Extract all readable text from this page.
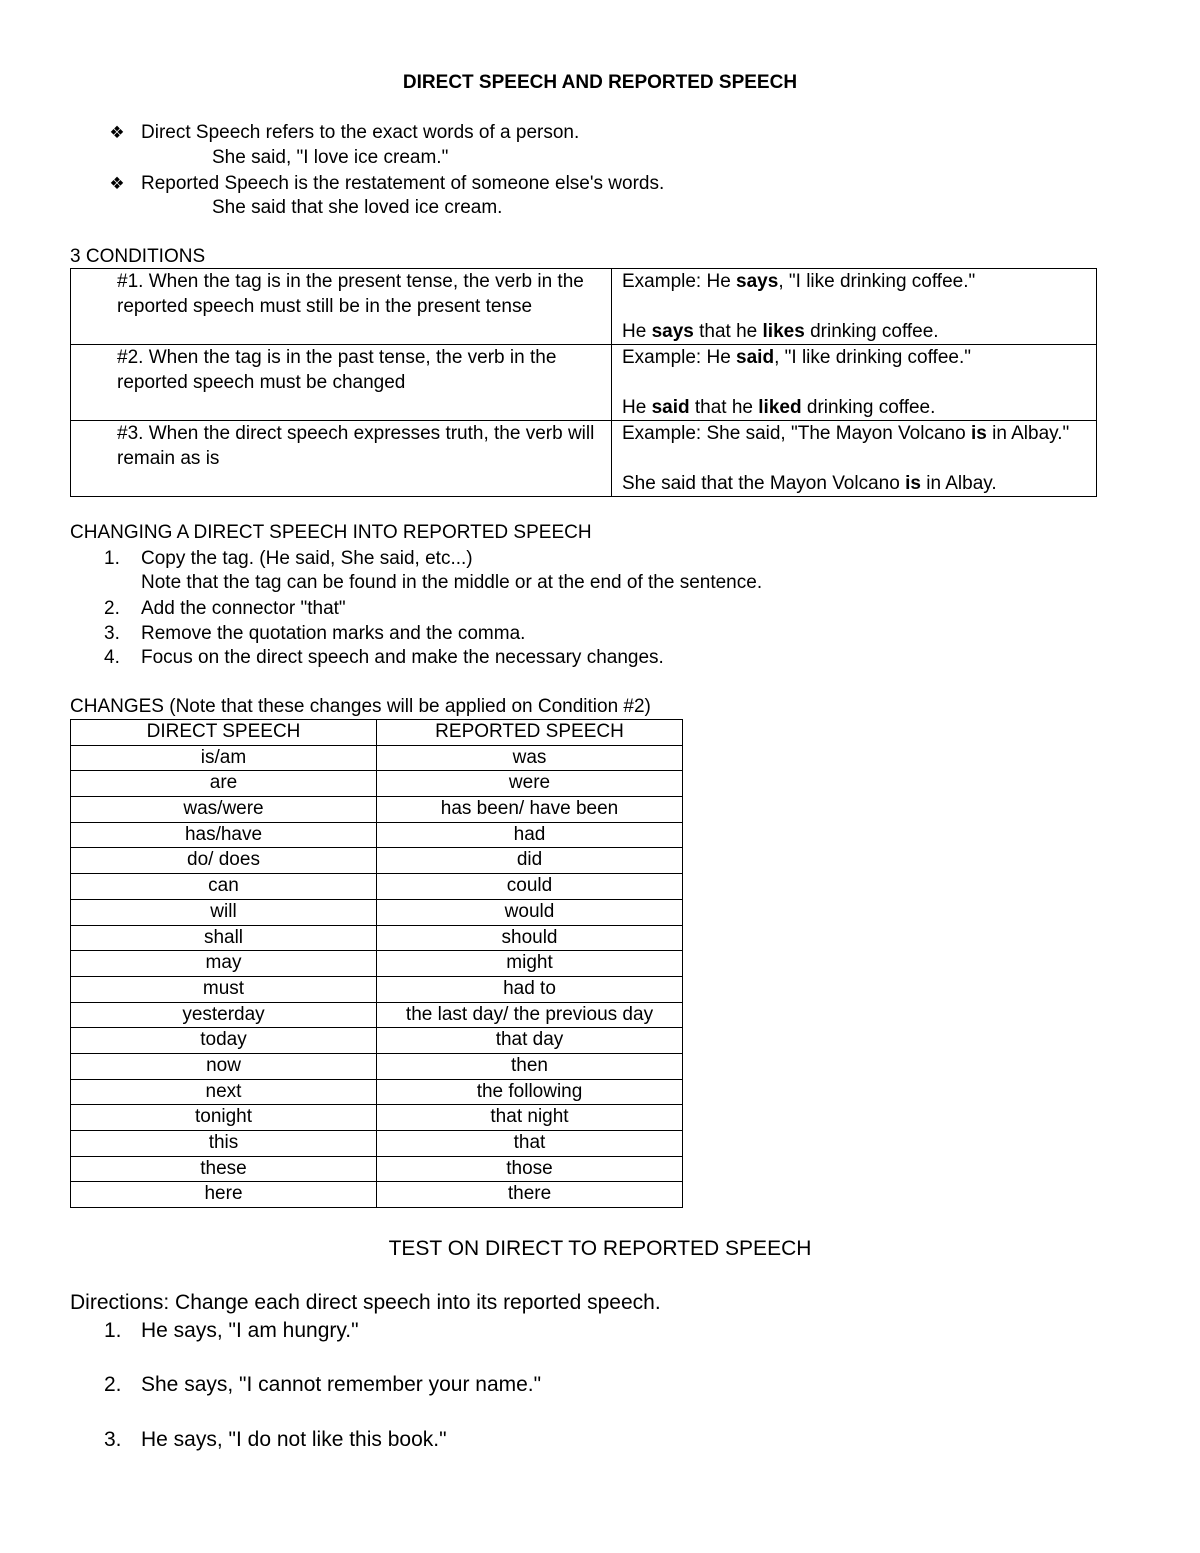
DIRECT SPEECH AND REPORTED SPEECH
❖ Direct Speech refers to the exact words of a person.
She said, "I love ice cream."
❖ Reported Speech is the restatement of someone else's words.
She said that she loved ice cream.
3 CONDITIONS
#1. When the tag is in the present tense, the verb in the reported speech must still be in the present tense	Example: He says, "I like drinking coffee."
He says that he likes drinking coffee.

#2. When the tag is in the past tense, the verb in the reported speech must be changed	Example: He said, "I like drinking coffee."
He said that he liked drinking coffee.

#3. When the direct speech expresses truth, the verb will remain as is	Example: She said, "The Mayon Volcano is in Albay."
She said that the Mayon Volcano is in Albay.
CHANGING A DIRECT SPEECH INTO REPORTED SPEECH
1.	Copy the tag. (He said, She said, etc...)
Note that the tag can be found in the middle or at the end of the sentence.
2.	Add the connector "that"
3.	Remove the quotation marks and the comma.
4.	Focus on the direct speech and make the necessary changes.
CHANGES (Note that these changes will be applied on Condition #2)
DIRECT SPEECH	REPORTED SPEECH
is/am	was
are	were
was/were	has been/ have been
has/have	had
do/ does	did
can	could
will	would
shall	should
may	might
must	had to
yesterday	the last day/ the previous day
today	that day
now	then
next	the following
tonight	that night
this	that
these	those
here	there
TEST ON DIRECT TO REPORTED SPEECH
Directions: Change each direct speech into its reported speech.
1. He says, "I am hungry."
2. She says, "I cannot remember your name."
3. He says, "I do not like this book."
